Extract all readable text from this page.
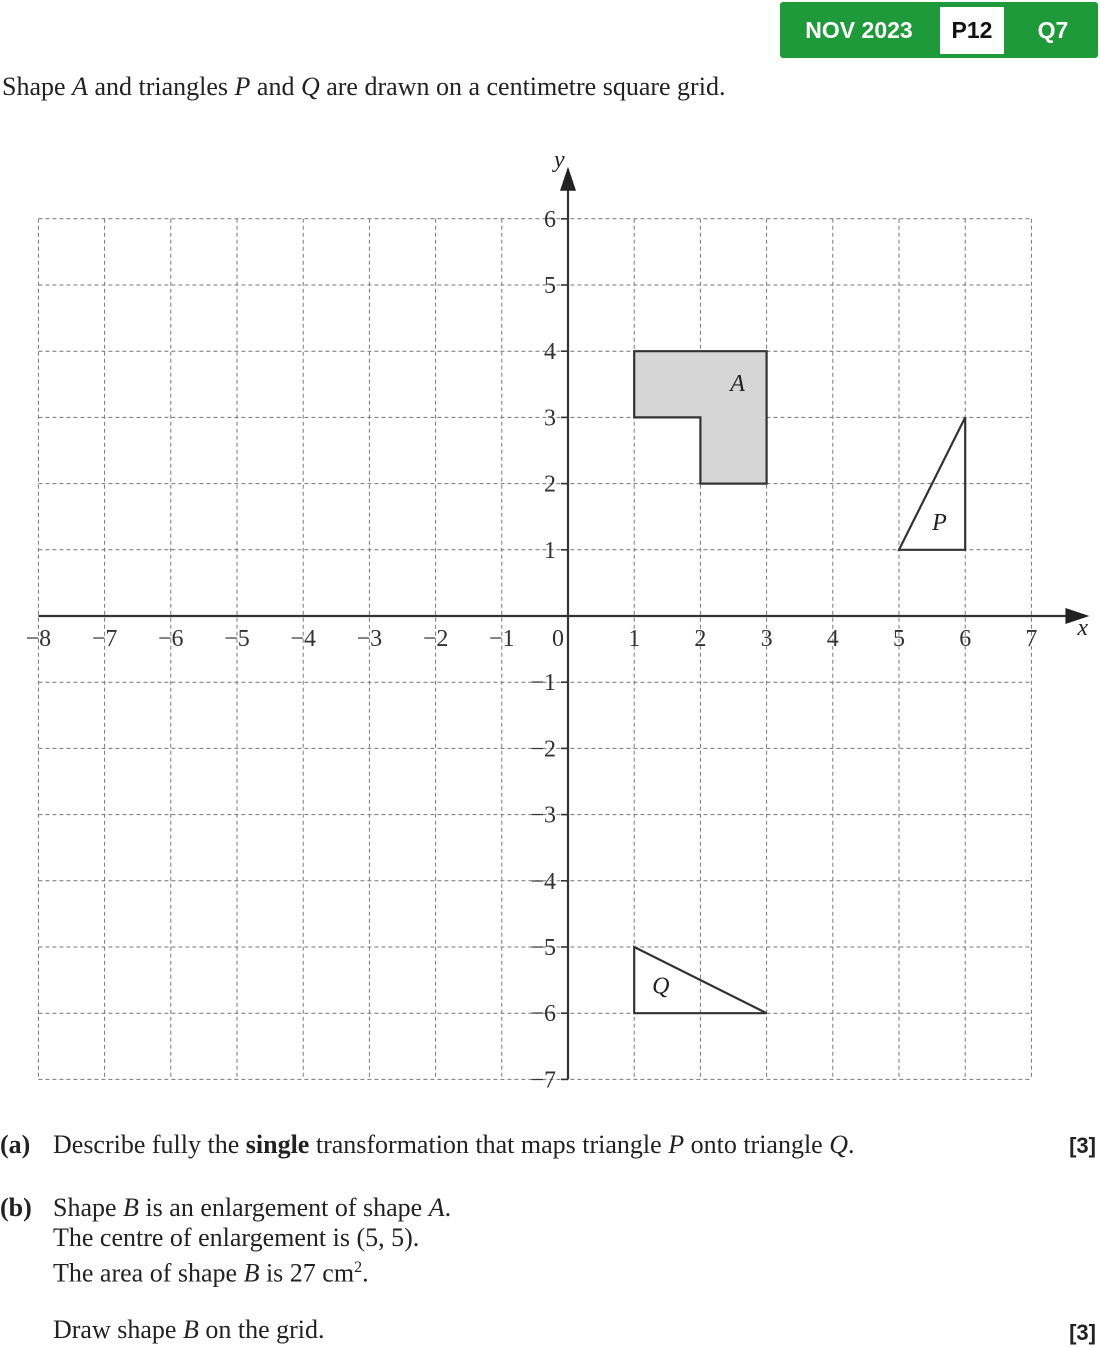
NOV 2023	P12	Q7
Shape A and triangles P and Q are drawn on a centimetre square grid.
x
y
−8 −7 −6 −5 −4 −3 −2 −1 0	1 2 3 4 5 6 7
6
5
4
3
2
1
−1
−2
−3
−4
−5
−6
−7
A
P
Q
(a) Describe fully the single transformation that maps triangle P onto triangle Q.	[3]
(b) Shape B is an enlargement of shape A.
The centre of enlargement is (5, 5).
The area of shape B is 27 $cm^2$.
Draw shape B on the grid.	[3]
